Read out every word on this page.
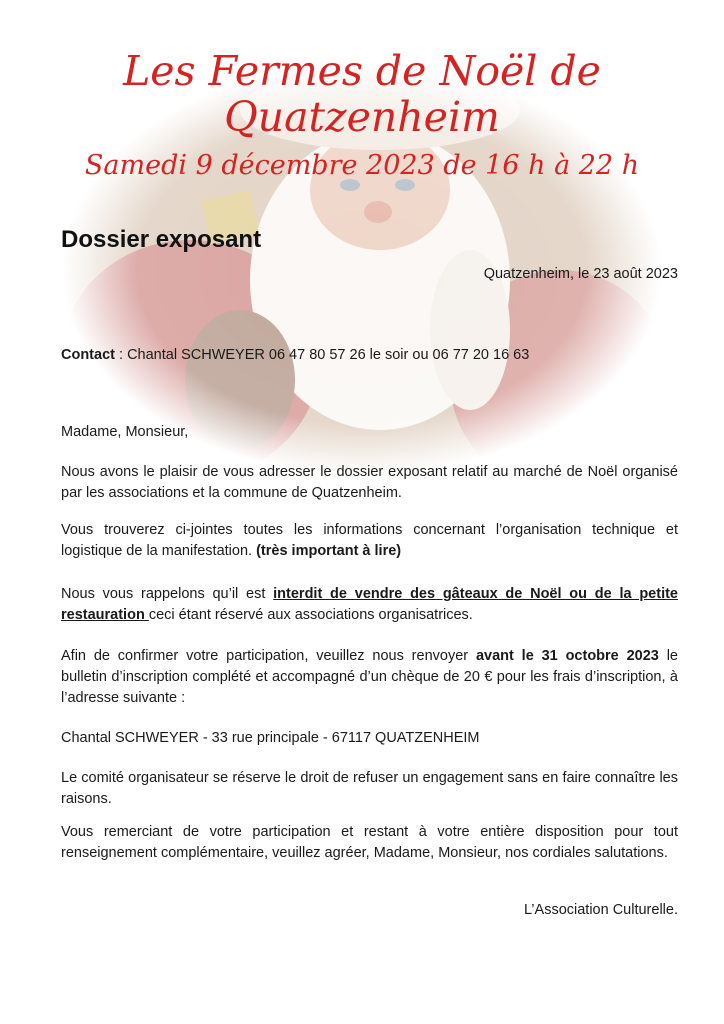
Les Fermes de Noël de
Quatzenheim
Samedi 9 décembre 2023 de 16 h à 22 h
Dossier exposant
Quatzenheim, le 23 août 2023
Contact : Chantal SCHWEYER 06 47 80 57 26 le soir ou 06 77 20 16 63
Madame, Monsieur,
Nous avons le plaisir de vous adresser le dossier exposant relatif au marché de Noël organisé par les associations et la commune de Quatzenheim.
Vous trouverez ci-jointes toutes les informations concernant l’organisation technique et logistique de la manifestation. (très important à lire)
Nous vous rappelons qu’il est interdit de vendre des gâteaux de Noël ou de la petite restauration ceci étant réservé aux associations organisatrices.
Afin de confirmer votre participation, veuillez nous renvoyer avant le 31 octobre 2023 le bulletin d’inscription complété et accompagné d’un chèque de 20 € pour les frais d’inscription, à l’adresse suivante :
Chantal SCHWEYER - 33 rue principale - 67117 QUATZENHEIM
Le comité organisateur se réserve le droit de refuser un engagement sans en faire connaître les raisons.
Vous remerciant de votre participation et restant à votre entière disposition pour tout renseignement complémentaire, veuillez agréer, Madame, Monsieur, nos cordiales salutations.
L’Association Culturelle.
